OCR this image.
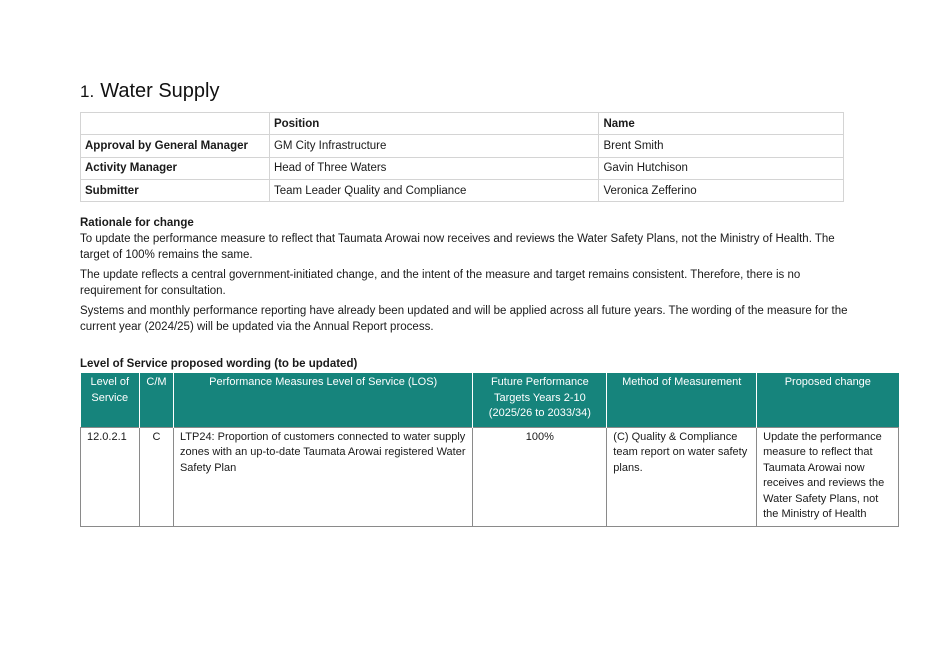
1. Water Supply
	Position	Name
Approval by General Manager	GM City Infrastructure	Brent Smith
Activity Manager	Head of Three Waters	Gavin Hutchison
Submitter	Team Leader Quality and Compliance	Veronica Zefferino
Rationale for change

To update the performance measure to reflect that Taumata Arowai now receives and reviews the Water Safety Plans, not the Ministry of Health. The target of 100% remains the same.

The update reflects a central government-initiated change, and the intent of the measure and target remains consistent. Therefore, there is no requirement for consultation.

Systems and monthly performance reporting have already been updated and will be applied across all future years. The wording of the measure for the current year (2024/25) will be updated via the Annual Report process.

Level of Service proposed wording (to be updated)
Level of Service	C/M	Performance Measures Level of Service (LOS)	Future Performance Targets Years 2-10 (2025/26 to 2033/34)	Method of Measurement	Proposed change
12.0.2.1	C	LTP24: Proportion of customers connected to water supply zones with an up-to-date Taumata Arowai registered Water Safety Plan	100%	(C) Quality & Compliance team report on water safety plans.	Update the performance measure to reflect that Taumata Arowai now receives and reviews the Water Safety Plans, not the Ministry of Health
